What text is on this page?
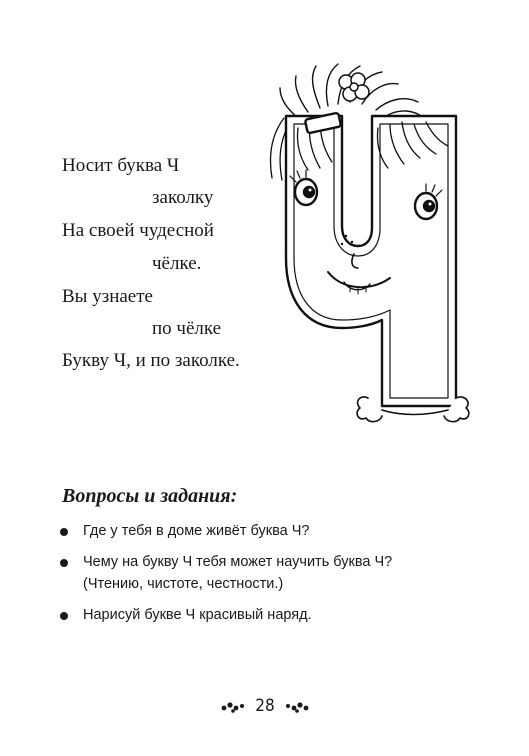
Носит буква Ч
заколку
На своей чудесной
чёлке.
Вы узнаете
по чёлке
Букву Ч, и по заколке.
Вопросы и задания:
Где у тебя в доме живёт буква Ч?
Чему на букву Ч тебя может научить буква Ч?
(Чтению, чистоте, честности.)
Нарисуй букве Ч красивый наряд.
28
